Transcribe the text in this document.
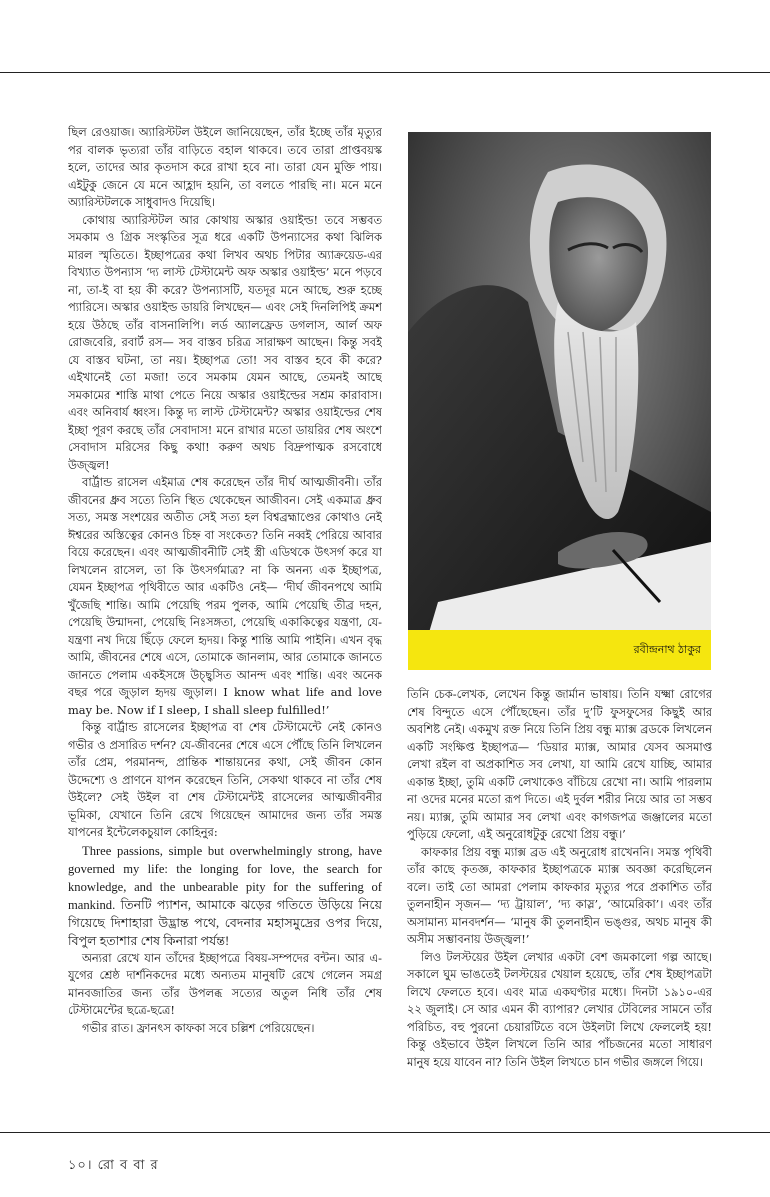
ছিল রেওয়াজ। অ্যারিস্টটল উইলে জানিয়েছেন, তাঁর ইচ্ছে তাঁর মৃত্যুর পর বালক ভৃত্যরা তাঁর বাড়িতে বহাল থাকবে। তবে তারা প্রাপ্তবয়স্ক হলে, তাদের আর কৃতদাস করে রাখা হবে না। তারা যেন মুক্তি পায়। এইটুকু জেনে যে মনে আহ্লাদ হয়নি, তা বলতে পারছি না। মনে মনে অ্যারিস্টটলকে সাধুবাদও দিয়েছি।

কোথায় অ্যারিস্টটল আর কোথায় অস্কার ওয়াইল্ড! তবে সম্ভবত সমকাম ও গ্রিক সংস্কৃতির সূত্র ধরে একটি উপন্যাসের কথা ঝিলিক মারল স্মৃতিতে। ইচ্ছাপত্রের কথা লিখব অথচ পিটার অ্যাক্রয়েড-এর বিখ্যাত উপন্যাস ‘দ্য লাস্ট টেস্টামেন্ট অফ অস্কার ওয়াইল্ড’ মনে পড়বে না, তা-ই বা হয় কী করে? উপন্যাসটি, যতদূর মনে আছে, শুরু হচ্ছে প্যারিসে। অস্কার ওয়াইল্ড ডায়রি লিখছেন— এবং সেই দিনলিপিই ক্রমশ হয়ে উঠছে তাঁর বাসনালিপি। লর্ড অ্যালফ্রেড ডগলাস, আর্ল অফ রোজবেরি, রবার্ট রস— সব বাস্তব চরিত্র সারাক্ষণ আছেন। কিন্তু সবই যে বাস্তব ঘটনা, তা নয়। ইচ্ছাপত্র তো! সব বাস্তব হবে কী করে? এইখানেই তো মজা! তবে সমকাম যেমন আছে, তেমনই আছে সমকামের শাস্তি মাথা পেতে নিয়ে অস্কার ওয়াইল্ডের সশ্রম কারাবাস। এবং অনিবার্য ধ্বংস। কিন্তু দ্য লাস্ট টেস্টামেন্ট? অস্কার ওয়াইল্ডের শেষ ইচ্ছা পূরণ করছে তাঁর সেবাদাস! মনে রাখার মতো ডায়রির শেষ অংশে সেবাদাস মরিসের কিছু কথা! করুণ অথচ বিদ্রুপাত্মক রসবোধে উজ্জ্বল!

বার্ট্রান্ড রাসেল এইমাত্র শেষ করেছেন তাঁর দীর্ঘ আত্মজীবনী। তাঁর জীবনের ধ্রুব সত্যে তিনি স্থিত থেকেছেন আজীবন। সেই একমাত্র ধ্রুব সত্য, সমস্ত সংশয়ের অতীত সেই সত্য হল বিশ্বব্রহ্মাণ্ডের কোথাও নেই ঈশ্বরের অস্তিত্বের কোনও চিহ্ন বা সংকেত? তিনি নব্বই পেরিয়ে আবার বিয়ে করেছেন। এবং আত্মজীবনীটি সেই স্ত্রী এডিথকে উৎসর্গ করে যা লিখলেন রাসেল, তা কি উৎসর্গমাত্র? না কি অনন্য এক ইচ্ছাপত্র, যেমন ইচ্ছাপত্র পৃথিবীতে আর একটিও নেই— ‘দীর্ঘ জীবনপথে আমি খুঁজেছি শান্তি। আমি পেয়েছি পরম পুলক, আমি পেয়েছি তীব্র দহন, পেয়েছি উন্মাদনা, পেয়েছি নিঃসঙ্গতা, পেয়েছি একাকিত্বের যন্ত্রণা, যে-যন্ত্রণা নখ দিয়ে ছিঁড়ে ফেলে হৃদয়। কিন্তু শান্তি আমি পাইনি। এখন বৃদ্ধ আমি, জীবনের শেষে এসে, তোমাকে জানলাম, আর তোমাকে জানতে জানতে পেলাম একইসঙ্গে উচ্ছ্বসিত আনন্দ এবং শান্তি। এবং অনেক বছর পরে জুড়াল হৃদয় জুড়াল। I know what life and love may be. Now if I sleep, I shall sleep fulfilled!’

কিন্তু বার্ট্রান্ড রাসেলের ইচ্ছাপত্র বা শেষ টেস্টামেন্টে নেই কোনও গভীর ও প্রসারিত দর্শন? যে-জীবনের শেষে এসে পৌঁছে তিনি লিখলেন তাঁর প্রেম, পরমানন্দ, প্রান্তিক শান্তায়নের কথা, সেই জীবন কোন উদ্দেশ্যে ও প্রাণনে যাপন করেছেন তিনি, সেকথা থাকবে না তাঁর শেষ উইলে? সেই উইল বা শেষ টেস্টামেন্টই রাসেলের আত্মজীবনীর ভূমিকা, যেখানে তিনি রেখে গিয়েছেন আমাদের জন্য তাঁর সমস্ত যাপনের ইন্টেলেকচুয়াল কোহিনুর:

Three passions, simple but overwhelmingly strong, have governed my life: the longing for love, the search for knowledge, and the unbearable pity for the suffering of mankind. তিনটি প্যাশন, আমাকে ঝড়ের গতিতে উড়িয়ে নিয়ে গিয়েছে দিশাহারা উদ্ভ্রান্ত পথে, বেদনার মহাসমুদ্রের ওপর দিয়ে, বিপুল হতাশার শেষ কিনারা পর্যন্ত!

অন্যরা রেখে যান তাঁদের ইচ্ছাপত্রে বিষয়-সম্পদের বন্টন। আর এ-যুগের শ্রেষ্ঠ দার্শনিকদের মধ্যে অন্যতম মানুষটি রেখে গেলেন সমগ্র মানবজাতির জন্য তাঁর উপলব্ধ সত্যের অতুল নিধি তাঁর শেষ টেস্টামেন্টের ছত্রে-ছত্রে!

গভীর রাত। ফ্রানৎস কাফকা সবে চল্লিশ পেরিয়েছেন।

রবীন্দ্রনাথ ঠাকুর

তিনি চেক-লেখক, লেখেন কিন্তু জার্মান ভাষায়। তিনি যক্ষ্মা রোগের শেষ বিন্দুতে এসে পৌঁছেছেন। তাঁর দু’টি ফুসফুসের কিছুই আর অবশিষ্ট নেই। একমুখ রক্ত নিয়ে তিনি প্রিয় বন্ধু ম্যাক্স ব্রডকে লিখলেন একটি সংক্ষিপ্ত ইচ্ছাপত্র— ‘ডিয়ার ম্যাক্স, আমার যেসব অসমাপ্ত লেখা রইল বা অপ্রকাশিত সব লেখা, যা আমি রেখে যাচ্ছি, আমার একান্ত ইচ্ছা, তুমি একটি লেখাকেও বাঁচিয়ে রেখো না। আমি পারলাম না ওদের মনের মতো রূপ দিতে। এই দুর্বল শরীর নিয়ে আর তা সম্ভব নয়। ম্যাক্স, তুমি আমার সব লেখা এবং কাগজপত্র জঞ্জালের মতো পুড়িয়ে ফেলো, এই অনুরোধটুকু রেখো প্রিয় বন্ধু।’

কাফকার প্রিয় বন্ধু ম্যাক্স ব্রড এই অনুরোধ রাখেননি। সমস্ত পৃথিবী তাঁর কাছে কৃতজ্ঞ, কাফকার ইচ্ছাপত্রকে ম্যাক্স অবজ্ঞা করেছিলেন বলে। তাই তো আমরা পেলাম কাফকার মৃত্যুর পরে প্রকাশিত তাঁর তুলনাহীন সৃজন— ‘দ্য ট্রায়াল’, ‘দ্য কাস্ল’, ‘আমেরিকা’। এবং তাঁর অসামান্য মানবদর্শন— ‘মানুষ কী তুলনাহীন ভঙ্গুর, অথচ মানুষ কী অসীম সম্ভাবনায় উজ্জ্বল!’

লিও টলস্টয়ের উইল লেখার একটা বেশ জমকালো গল্প আছে। সকালে ঘুম ভাঙতেই টলস্টয়ের খেয়াল হয়েছে, তাঁর শেষ ইচ্ছাপত্রটা লিখে ফেলতে হবে। এবং মাত্র একঘণ্টার মধ্যে। দিনটা ১৯১০-এর ২২ জুলাই। সে আর এমন কী ব্যাপার? লেখার টেবিলের সামনে তাঁর পরিচিত, বহু পুরনো চেয়ারটিতে বসে উইলটা লিখে ফেললেই হয়! কিন্তু ওইভাবে উইল লিখলে তিনি আর পাঁচজনের মতো সাধারণ মানুষ হয়ে যাবেন না? তিনি উইল লিখতে চান গভীর জঙ্গলে গিয়ে।

১০। রো ব বা র
